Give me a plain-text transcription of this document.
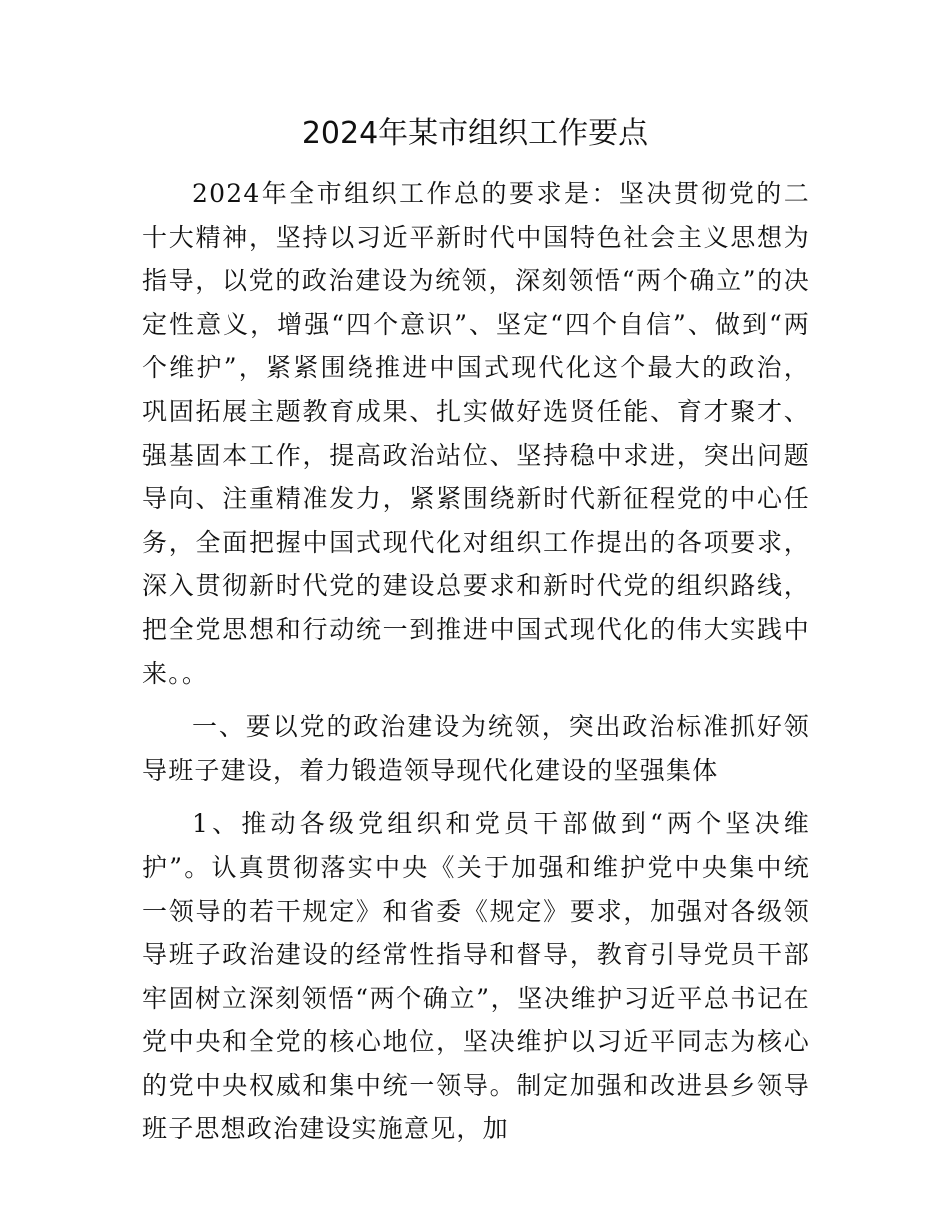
2024年某市组织工作要点

2024年全市组织工作总的要求是：坚决贯彻党的二十大精神，坚持以习近平新时代中国特色社会主义思想为指导，以党的政治建设为统领，深刻领悟“两个确立”的决定性意义，增强“四个意识”、坚定“四个自信”、做到“两个维护”，紧紧围绕推进中国式现代化这个最大的政治，巩固拓展主题教育成果、扎实做好选贤任能、育才聚才、强基固本工作，提高政治站位、坚持稳中求进，突出问题导向、注重精准发力，紧紧围绕新时代新征程党的中心任务，全面把握中国式现代化对组织工作提出的各项要求，深入贯彻新时代党的建设总要求和新时代党的组织路线，把全党思想和行动统一到推进中国式现代化的伟大实践中来。。

一、要以党的政治建设为统领，突出政治标准抓好领导班子建设，着力锻造领导现代化建设的坚强集体

1、推动各级党组织和党员干部做到“两个坚决维护”。认真贯彻落实中央《关于加强和维护党中央集中统一领导的若干规定》和省委《规定》要求，加强对各级领导班子政治建设的经常性指导和督导，教育引导党员干部牢固树立深刻领悟“两个确立”，坚决维护习近平总书记在党中央和全党的核心地位，坚决维护以习近平同志为核心的党中央权威和集中统一领导。制定加强和改进县乡领导班子思想政治建设实施意见，加
